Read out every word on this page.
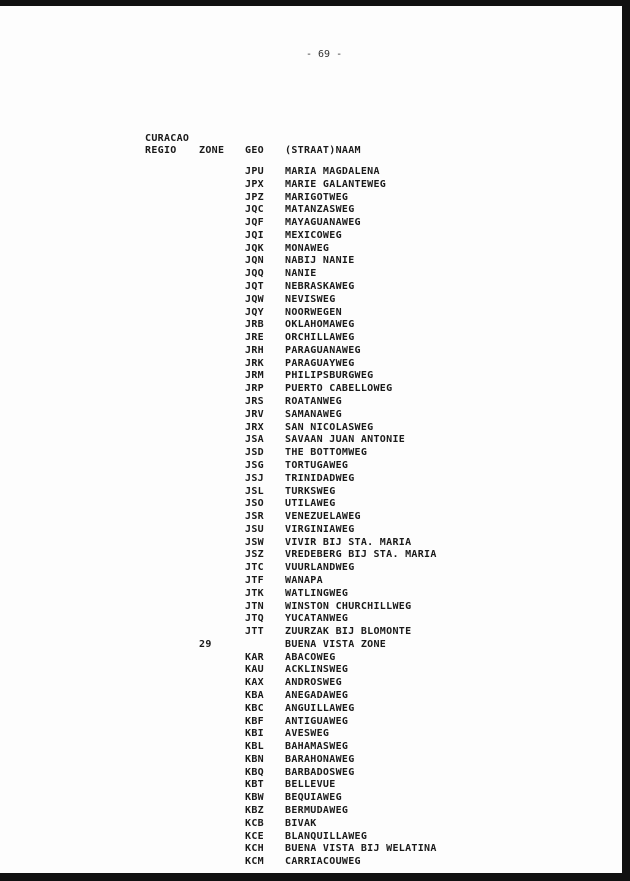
- 69 -
CURACAO
REGIO ZONE GEO (STRAAT)NAAM
JPU MARIA MAGDALENA
JPX MARIE GALANTEWEG
JPZ MARIGOTWEG
JQC MATANZASWEG
JQF MAYAGUANAWEG
JQI MEXICOWEG
JQK MONAWEG
JQN NABIJ NANIE
JQQ NANIE
JQT NEBRASKAWEG
JQW NEVISWEG
JQY NOORWEGEN
JRB OKLAHOMAWEG
JRE ORCHILLAWEG
JRH PARAGUANAWEG
JRK PARAGUAYWEG
JRM PHILIPSBURGWEG
JRP PUERTO CABELLOWEG
JRS ROATANWEG
JRV SAMANAWEG
JRX SAN NICOLASWEG
JSA SAVAAN JUAN ANTONIE
JSD THE BOTTOMWEG
JSG TORTUGAWEG
JSJ TRINIDADWEG
JSL TURKSWEG
JSO UTILAWEG
JSR VENEZUELAWEG
JSU VIRGINIAWEG
JSW VIVIR BIJ STA. MARIA
JSZ VREDEBERG BIJ STA. MARIA
JTC VUURLANDWEG
JTF WANAPA
JTK WATLINGWEG
JTN WINSTON CHURCHILLWEG
JTQ YUCATANWEG
JTT ZUURZAK BIJ BLOMONTE
29	BUENA VISTA ZONE
KAR ABACOWEG
KAU ACKLINSWEG
KAX ANDROSWEG
KBA ANEGADAWEG
KBC ANGUILLAWEG
KBF ANTIGUAWEG
KBI AVESWEG
KBL BAHAMASWEG
KBN BARAHONAWEG
KBQ BARBADOSWEG
KBT BELLEVUE
KBW BEQUIAWEG
KBZ BERMUDAWEG
KCB BIVAK
KCE BLANQUILLAWEG
KCH BUENA VISTA BIJ WELATINA
KCM CARRIACOUWEG
